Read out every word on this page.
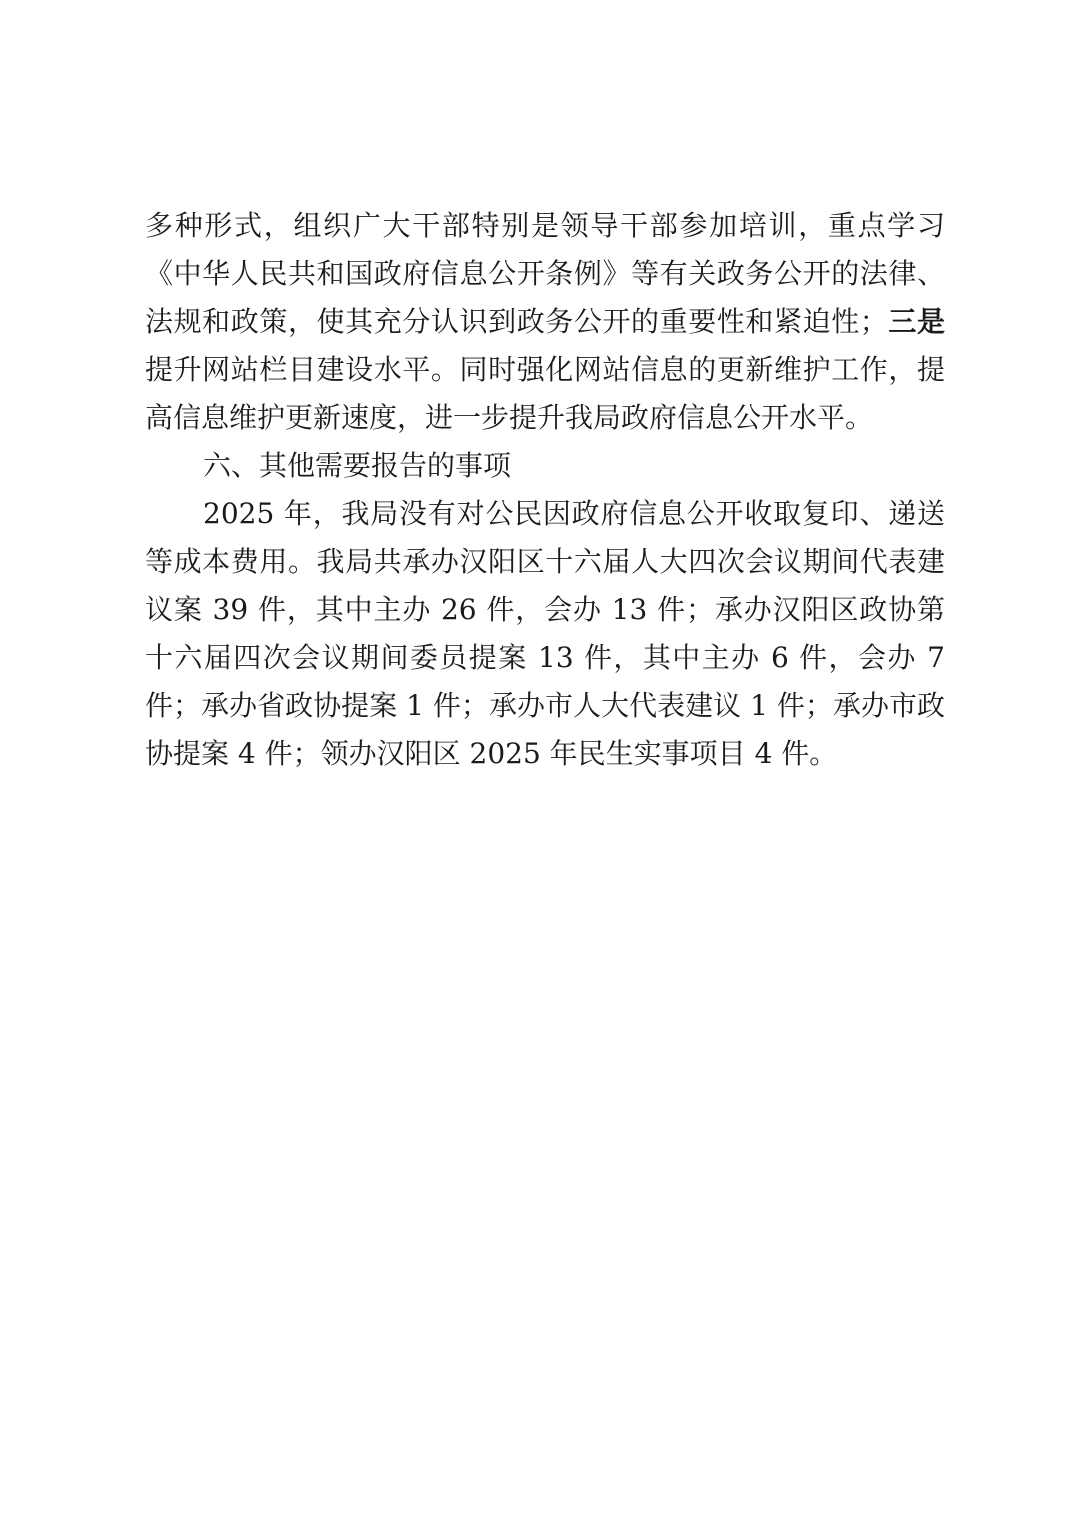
多种形式，组织广大干部特别是领导干部参加培训，重点学习《中华人民共和国政府信息公开条例》等有关政务公开的法律、法规和政策，使其充分认识到政务公开的重要性和紧迫性；三是提升网站栏目建设水平。同时强化网站信息的更新维护工作，提高信息维护更新速度，进一步提升我局政府信息公开水平。

六、其他需要报告的事项

2025 年，我局没有对公民因政府信息公开收取复印、递送等成本费用。我局共承办汉阳区十六届人大四次会议期间代表建议案 39 件，其中主办 26 件，会办 13 件；承办汉阳区政协第十六届四次会议期间委员提案 13 件，其中主办 6 件，会办 7 件；承办省政协提案 1 件；承办市人大代表建议 1 件；承办市政协提案 4 件；领办汉阳区 2025 年民生实事项目 4 件。
